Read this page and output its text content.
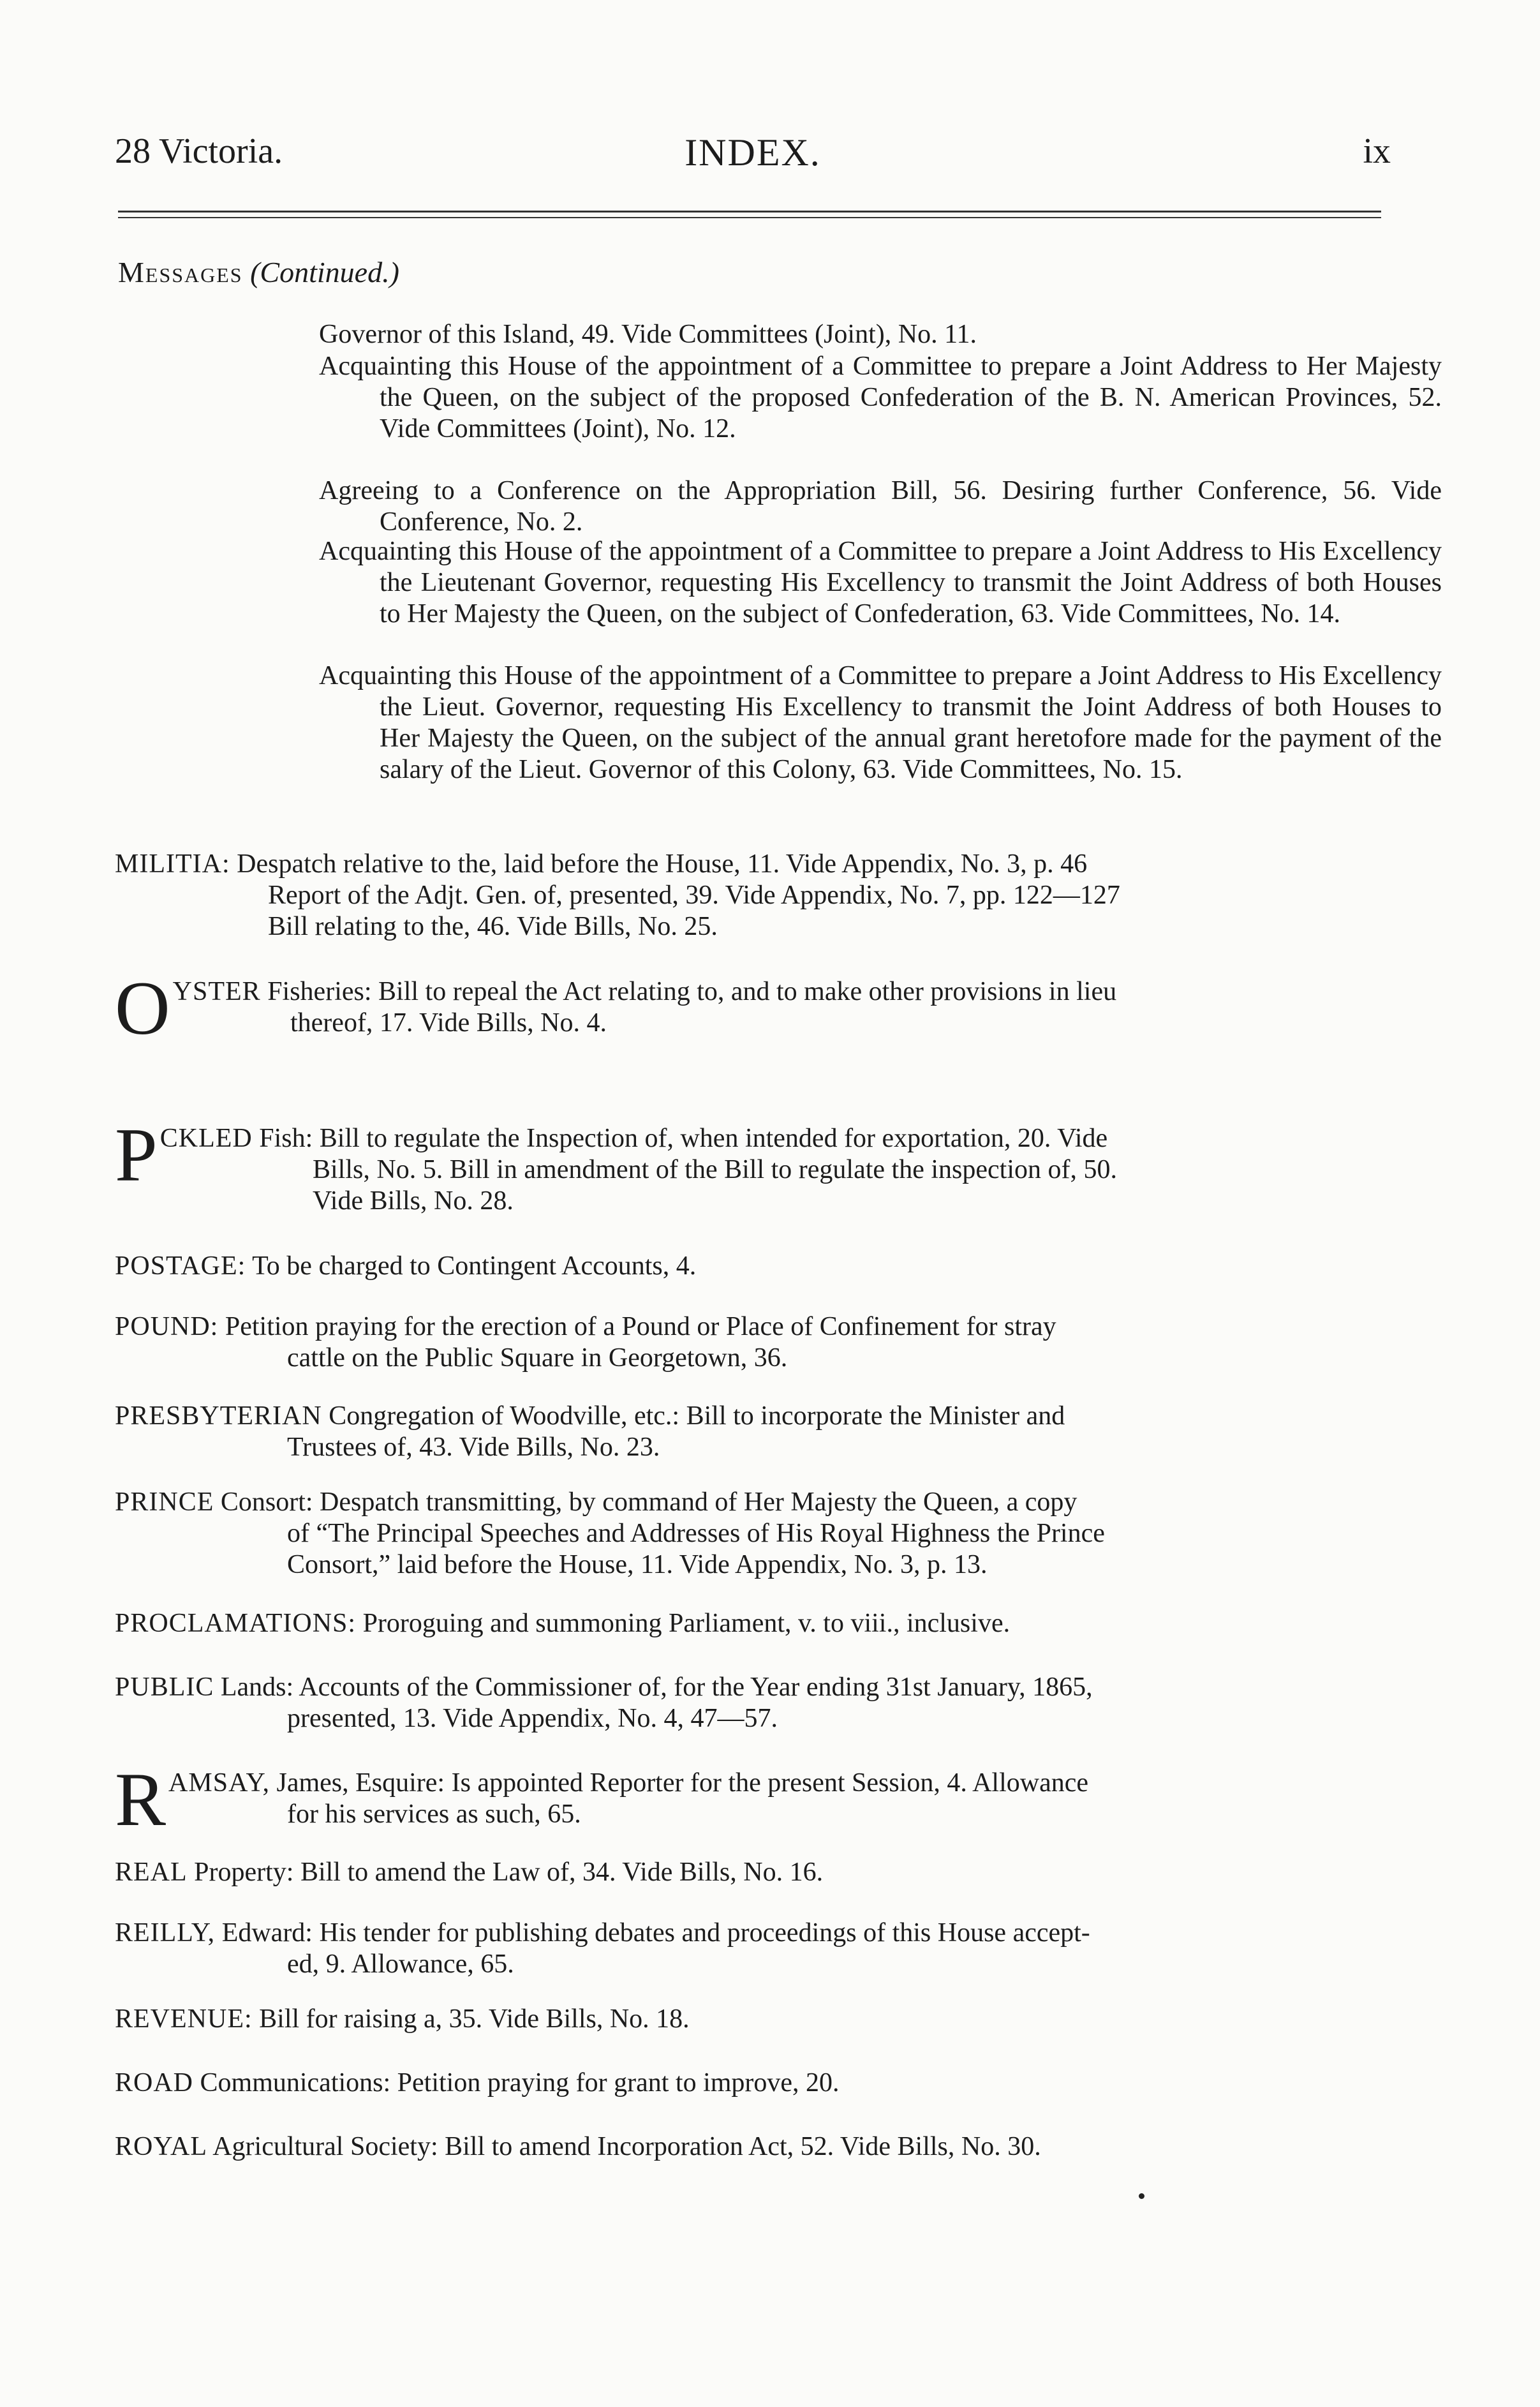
28 Victoria.	INDEX.	ix
Messages (Continued.)
Governor of this Island, 49. Vide Committees (Joint), No. 11.
Acquainting this House of the appointment of a Committee to prepare a Joint Address to Her Majesty the Queen, on the subject of the proposed Confederation of the B. N. American Provinces, 52. Vide Committees (Joint), No. 12.
Agreeing to a Conference on the Appropriation Bill, 56. Desiring further Conference, 56. Vide Conference, No. 2.
Acquainting this House of the appointment of a Committee to prepare a Joint Address to His Excellency the Lieutenant Governor, requesting His Excellency to transmit the Joint Address of both Houses to Her Majesty the Queen, on the subject of Confederation, 63. Vide Committees, No. 14.
Acquainting this House of the appointment of a Committee to prepare a Joint Address to His Excellency the Lieut. Governor, requesting His Excellency to transmit the Joint Address of both Houses to Her Majesty the Queen, on the subject of the annual grant heretofore made for the payment of the salary of the Lieut. Governor of this Colony, 63. Vide Committees, No. 15.
MILITIA: Despatch relative to the, laid before the House, 11. Vide Appendix, No. 3, p. 46
Report of the Adjt. Gen. of, presented, 39. Vide Appendix, No. 7, pp. 122—127
Bill relating to the, 46. Vide Bills, No. 25.
OYSTER Fisheries: Bill to repeal the Act relating to, and to make other provisions in lieu
thereof, 17. Vide Bills, No. 4.
PCKLED Fish: Bill to regulate the Inspection of, when intended for exportation, 20. Vide
Bills, No. 5. Bill in amendment of the Bill to regulate the inspection of, 50.
Vide Bills, No. 28.
POSTAGE: To be charged to Contingent Accounts, 4.
POUND: Petition praying for the erection of a Pound or Place of Confinement for stray
cattle on the Public Square in Georgetown, 36.
PRESBYTERIAN Congregation of Woodville, etc.: Bill to incorporate the Minister and
Trustees of, 43. Vide Bills, No. 23.
PRINCE Consort: Despatch transmitting, by command of Her Majesty the Queen, a copy
of “The Principal Speeches and Addresses of His Royal Highness the Prince
Consort,” laid before the House, 11. Vide Appendix, No. 3, p. 13.
PROCLAMATIONS: Proroguing and summoning Parliament, v. to viii., inclusive.
PUBLIC Lands: Accounts of the Commissioner of, for the Year ending 31st January, 1865,
presented, 13. Vide Appendix, No. 4, 47—57.
RAMSAY, James, Esquire: Is appointed Reporter for the present Session, 4. Allowance
for his services as such, 65.
REAL Property: Bill to amend the Law of, 34. Vide Bills, No. 16.
REILLY, Edward: His tender for publishing debates and proceedings of this House accept-
ed, 9. Allowance, 65.
REVENUE: Bill for raising a, 35. Vide Bills, No. 18.
ROAD Communications: Petition praying for grant to improve, 20.
ROYAL Agricultural Society: Bill to amend Incorporation Act, 52. Vide Bills, No. 30.
